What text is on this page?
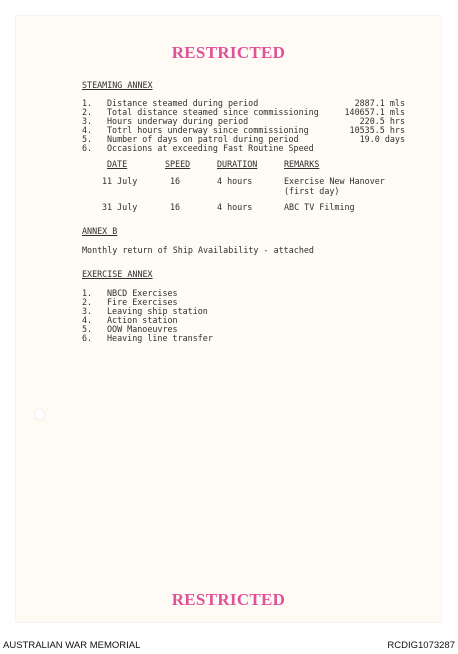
RESTRICTED
STEAMING ANNEX
1. Distance steamed during period	2887.1 mls
2. Total distance steamed since commissioning	140657.1 mls
3. Hours underway during period	220.5 hrs
4. Totrl hours underway since commissioning	10535.5 hrs
5. Number of days on patrol during period	19.0 days
6. Occasions at exceeding Fast Routine Speed
DATE	SPEED	DURATION	REMARKS
11 July	16	4 hours	Exercise New Hanover
(first day)
31 July	16	4 hours	ABC TV Filming
ANNEX B
Monthly return of Ship Availability - attached
EXERCISE ANNEX
1. NBCD Exercises
2. Fire Exercises
3. Leaving ship station
4. Action station
5. OOW Manoeuvres
6. Heaving line transfer
RESTRICTED
AUSTRALIAN WAR MEMORIAL	RCDIG1073287
